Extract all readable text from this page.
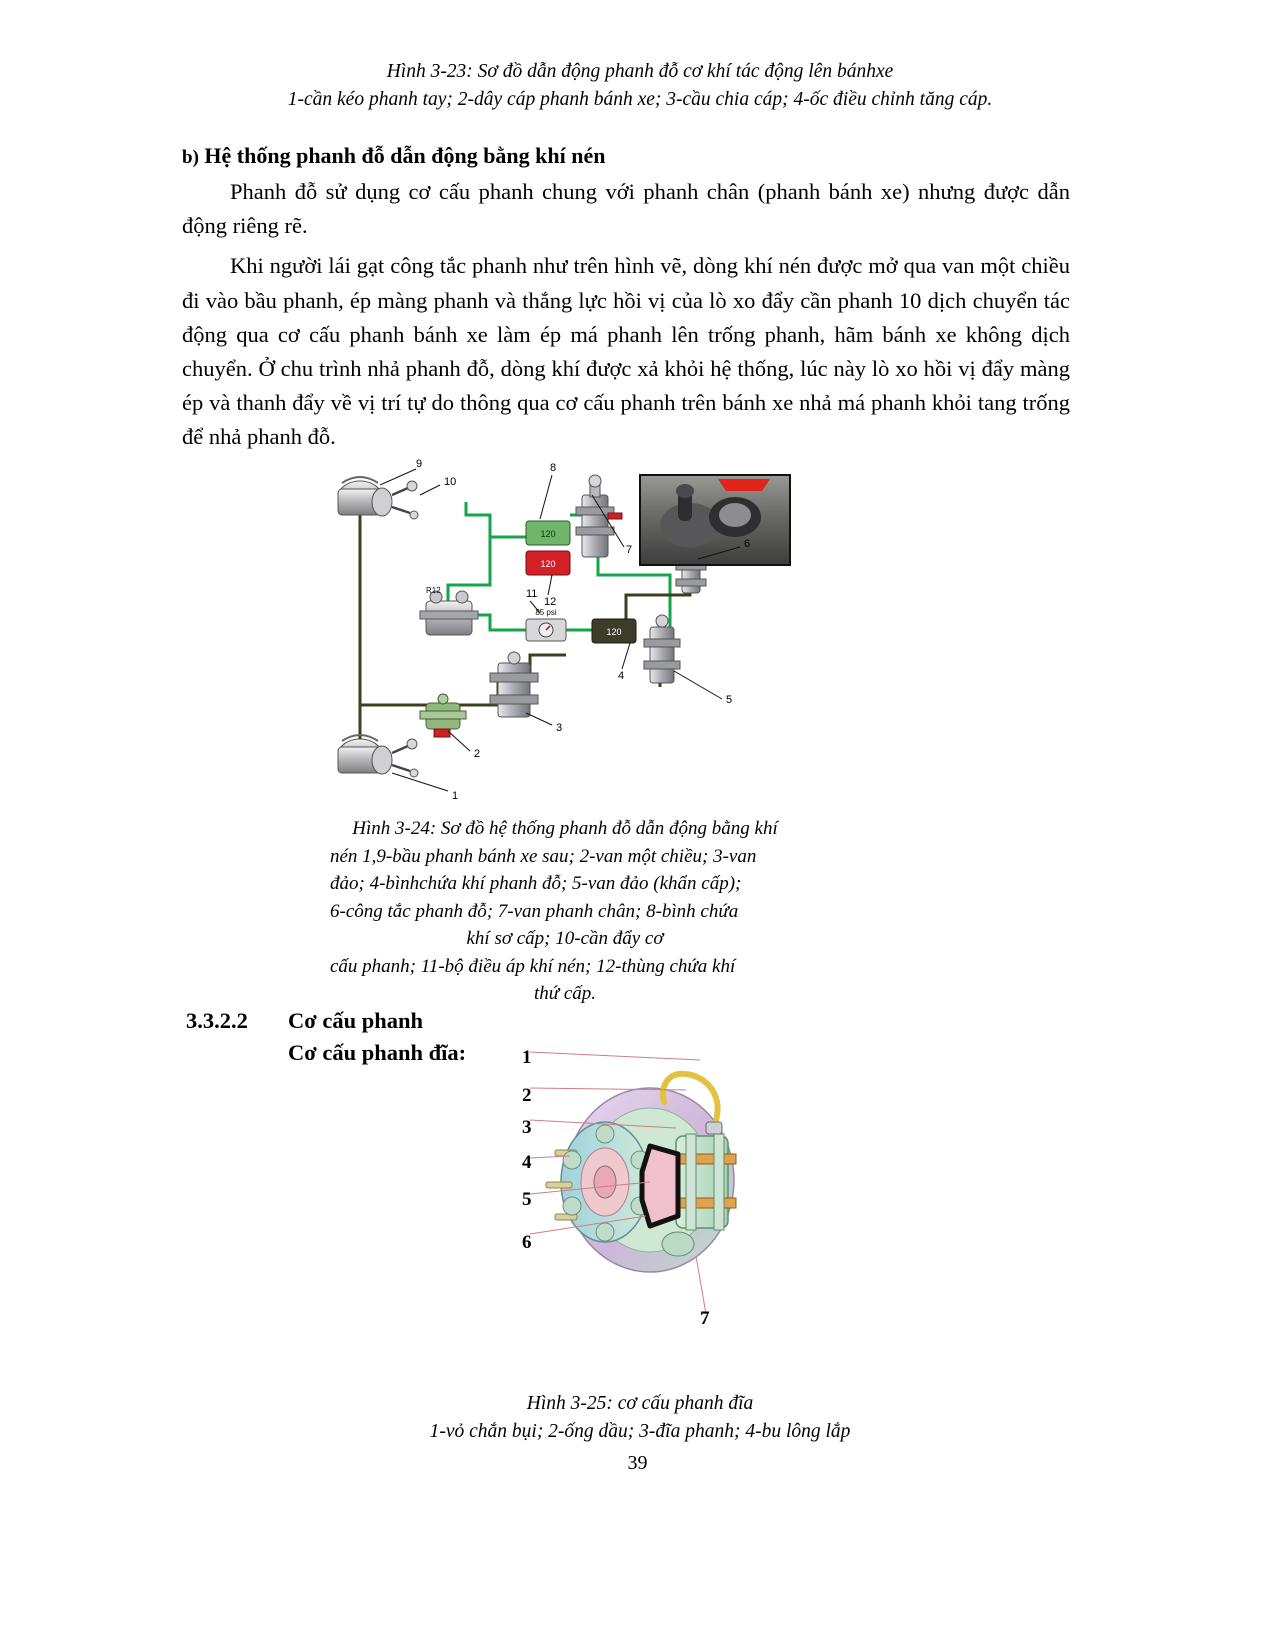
Hình 3-23: Sơ đồ dẫn động phanh đỗ cơ khí tác động lên bánhxe
1-cần kéo phanh tay; 2-dây cáp phanh bánh xe; 3-cầu chia cáp; 4-ốc điều chỉnh tăng cáp.
b) Hệ thống phanh đỗ dẫn động bằng khí nén

Phanh đỗ sử dụng cơ cấu phanh chung với phanh chân (phanh bánh xe) nhưng được dẫn động riêng rẽ.

Khi người lái gạt công tắc phanh như trên hình vẽ, dòng khí nén được mở qua van một chiều đi vào bầu phanh, ép màng phanh và thắng lực hồi vị của lò xo đẩy cần phanh 10 dịch chuyển tác động qua cơ cấu phanh bánh xe làm ép má phanh lên trống phanh, hãm bánh xe không dịch chuyển. Ở chu trình nhả phanh đỗ, dòng khí được xả khỏi hệ thống, lúc này lò xo hồi vị đẩy màng ép và thanh đẩy về vị trí tự do thông qua cơ cấu phanh trên bánh xe nhả má phanh khỏi tang trống để nhả phanh đỗ.

120
120
85 psi
R12
120
9
10
8
7
12
11
6
4
5
3
2
1
Hình 3-24: Sơ đồ hệ thống phanh đỗ dẫn động bằng khí
nén 1,9-bầu phanh bánh xe sau; 2-van một chiều; 3-van
đảo; 4-bìnhchứa khí phanh đỗ; 5-van đảo (khẩn cấp);
6-công tắc phanh đỗ; 7-van phanh chân; 8-bình chứa
khí sơ cấp; 10-cần đẩy cơ
cấu phanh; 11-bộ điều áp khí nén; 12-thùng chứa khí
thứ cấp.
3.3.2.2 Cơ cấu phanh
Cơ cấu phanh đĩa:	1
2
3
4
5
6
7
Hình 3-25: cơ cấu phanh đĩa
1-vỏ chắn bụi; 2-ống dầu; 3-đĩa phanh; 4-bu lông lắp
39
